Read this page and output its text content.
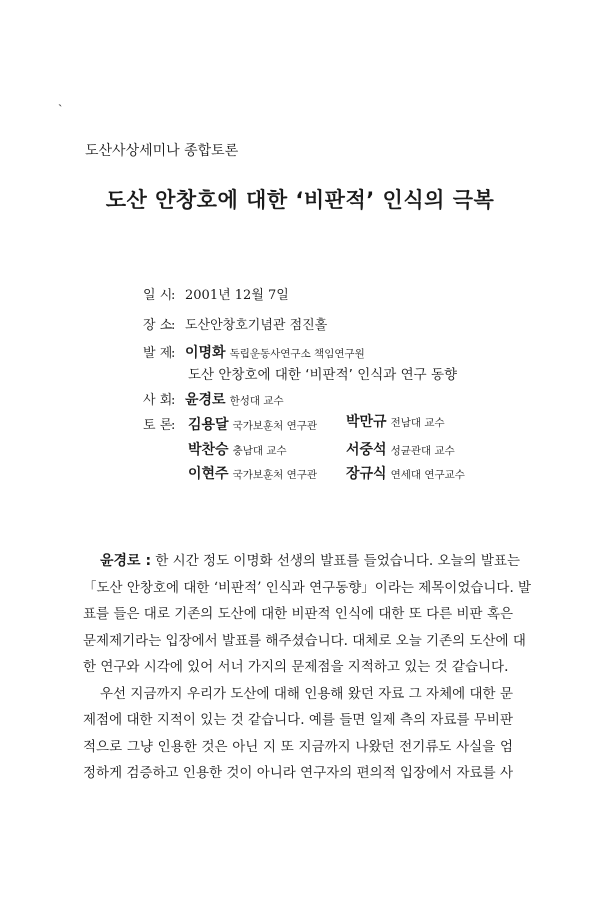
ˏ
도산사상세미나 종합토론
도산 안창호에 대한 ‘비판적’ 인식의 극복
일 시: 2001년 12월 7일
장 소: 도산안창호기념관 점진홀
발 제: 이명화 독립운동사연구소 책임연구원
도산 안창호에 대한 ‘비판적’ 인식과 연구 동향
사 회: 윤경로 한성대 교수
토 론: 김용달 국가보훈처 연구관 박만규 전남대 교수
박찬승 충남대 교수	서중석 성균관대 교수
이현주 국가보훈처 연구관 장규식 연세대 연구교수

윤경로 : 한 시간 정도 이명화 선생의 발표를 들었습니다. 오늘의 발표는
「도산 안창호에 대한 ‘비판적’ 인식과 연구동향」이라는 제목이었습니다. 발
표를 들은 대로 기존의 도산에 대한 비판적 인식에 대한 또 다른 비판 혹은
문제제기라는 입장에서 발표를 해주셨습니다. 대체로 오늘 기존의 도산에 대
한 연구와 시각에 있어 서너 가지의 문제점을 지적하고 있는 것 같습니다.

우선 지금까지 우리가 도산에 대해 인용해 왔던 자료 그 자체에 대한 문
제점에 대한 지적이 있는 것 같습니다. 예를 들면 일제 측의 자료를 무비판
적으로 그냥 인용한 것은 아닌 지 또 지금까지 나왔던 전기류도 사실을 엄
정하게 검증하고 인용한 것이 아니라 연구자의 편의적 입장에서 자료를 사
